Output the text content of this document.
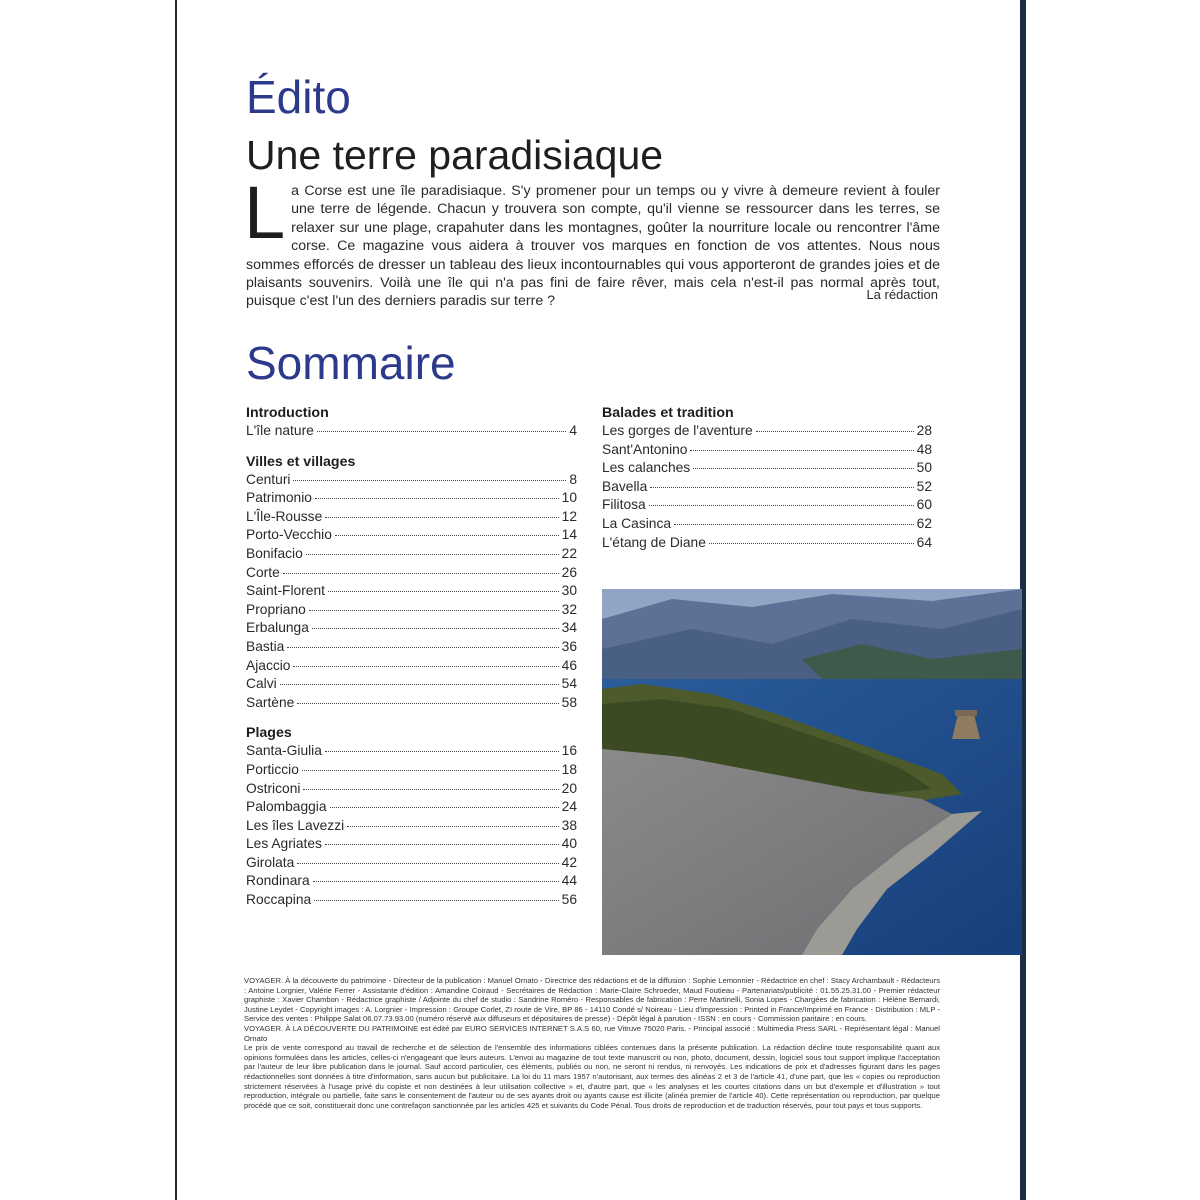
Édito
Une terre paradisiaque
L a Corse est une île paradisiaque. S'y promener pour un temps ou y vivre à demeure revient à fouler une terre de légende. Chacun y trouvera son compte, qu'il vienne se ressourcer dans les terres, se relaxer sur une plage, crapahuter dans les montagnes, goûter la nourriture locale ou rencontrer l'âme corse. Ce magazine vous aidera à trouver vos marques en fonction de vos attentes. Nous nous sommes efforcés de dresser un tableau des lieux incontournables qui vous apporteront de grandes joies et de plaisants souvenirs. Voilà une île qui n'a pas fini de faire rêver, mais cela n'est-il pas normal après tout, puisque c'est l'un des derniers paradis sur terre ?	La rédaction
Sommaire
Introduction
L'île nature	4
Villes et villages
Centuri	8
Patrimonio	10
L'Île-Rousse	12
Porto-Vecchio	14
Bonifacio	22
Corte	26
Saint-Florent	30
Propriano	32
Erbalunga	34
Bastia	36
Ajaccio	46
Calvi	54
Sartène	58
Plages
Santa-Giulia	16
Porticcio	18
Ostriconi	20
Palombaggia	24
Les îles Lavezzi	38
Les Agriates	40
Girolata	42
Rondinara	44
Roccapina	56
Balades et tradition
Les gorges de l'aventure	28
Sant'Antonino	48
Les calanches	50
Bavella	52
Filitosa	60
La Casinca	62
L'étang de Diane	64

VOYAGER. À la découverte du patrimoine - Directeur de la publication : Manuel Ornato - Directrice des rédactions et de la diffusion : Sophie Lemonnier - Rédactrice en chef : Stacy Archambault - Rédacteurs : Antoine Lorgnier, Valérie Ferrer - Assistante d'édition : Amandine Coiraud - Secrétaires de Rédaction : Marie-Claire Schroeder, Maud Foutieau - Partenariats/publicité : 01.55.25.31.00 - Premier rédacteur graphiste : Xavier Chambon - Rédactrice graphiste / Adjointe du chef de studio : Sandrine Roméro - Responsables de fabrication : Perre Martinelli, Sonia Lopes - Chargées de fabrication : Hélène Bernardi, Justine Leydet - Copyright images : A. Lorgnier - Impression : Groupe Corlet, ZI route de Vire, BP 86 - 14110 Condé s/ Noireau - Lieu d'impression : Printed in France/Imprimé en France - Distribution : MLP - Service des ventes : Philippe Salat 06.07.73.93.00 (numéro réservé aux diffuseurs et dépositaires de presse) - Dépôt légal à parution - ISSN : en cours - Commission paritaire : en cours.

VOYAGER. À LA DÉCOUVERTE DU PATRIMOINE est édité par EURO SERVICES INTERNET S.A.S 60, rue Vitruve 75020 Paris. - Principal associé : Multimedia Press SARL - Représentant légal : Manuel Ornato

Le prix de vente correspond au travail de recherche et de sélection de l'ensemble des informations ciblées contenues dans la présente publication. La rédaction décline toute responsabilité quant aux opinions formulées dans les articles, celles-ci n'engageant que leurs auteurs. L'envoi au magazine de tout texte manuscrit ou non, photo, document, dessin, logiciel sous tout support implique l'acceptation par l'auteur de leur libre publication dans le journal. Sauf accord particulier, ces éléments, publiés ou non, ne seront ni rendus, ni renvoyés. Les indications de prix et d'adresses figurant dans les pages rédactionnelles sont données à titre d'information, sans aucun but publicitaire. La loi du 11 mars 1957 n'autorisant, aux termes des alinéas 2 et 3 de l'article 41, d'une part, que les « copies ou reproduction strictement réservées à l'usage privé du copiste et non destinées à leur utilisation collective » et, d'autre part, que « les analyses et les courtes citations dans un but d'exemple et d'illustration » tout reproduction, intégrale ou partielle, faite sans le consentement de l'auteur ou de ses ayants droit ou ayants cause est illicite (alinéa premier de l'article 40). Cette représentation ou reproduction, par quelque procédé que ce soit, constituerait donc une contrefaçon sanctionnée par les articles 425 et suivants du Code Pénal. Tous droits de reproduction et de traduction réservés, pour tout pays et tous supports.
